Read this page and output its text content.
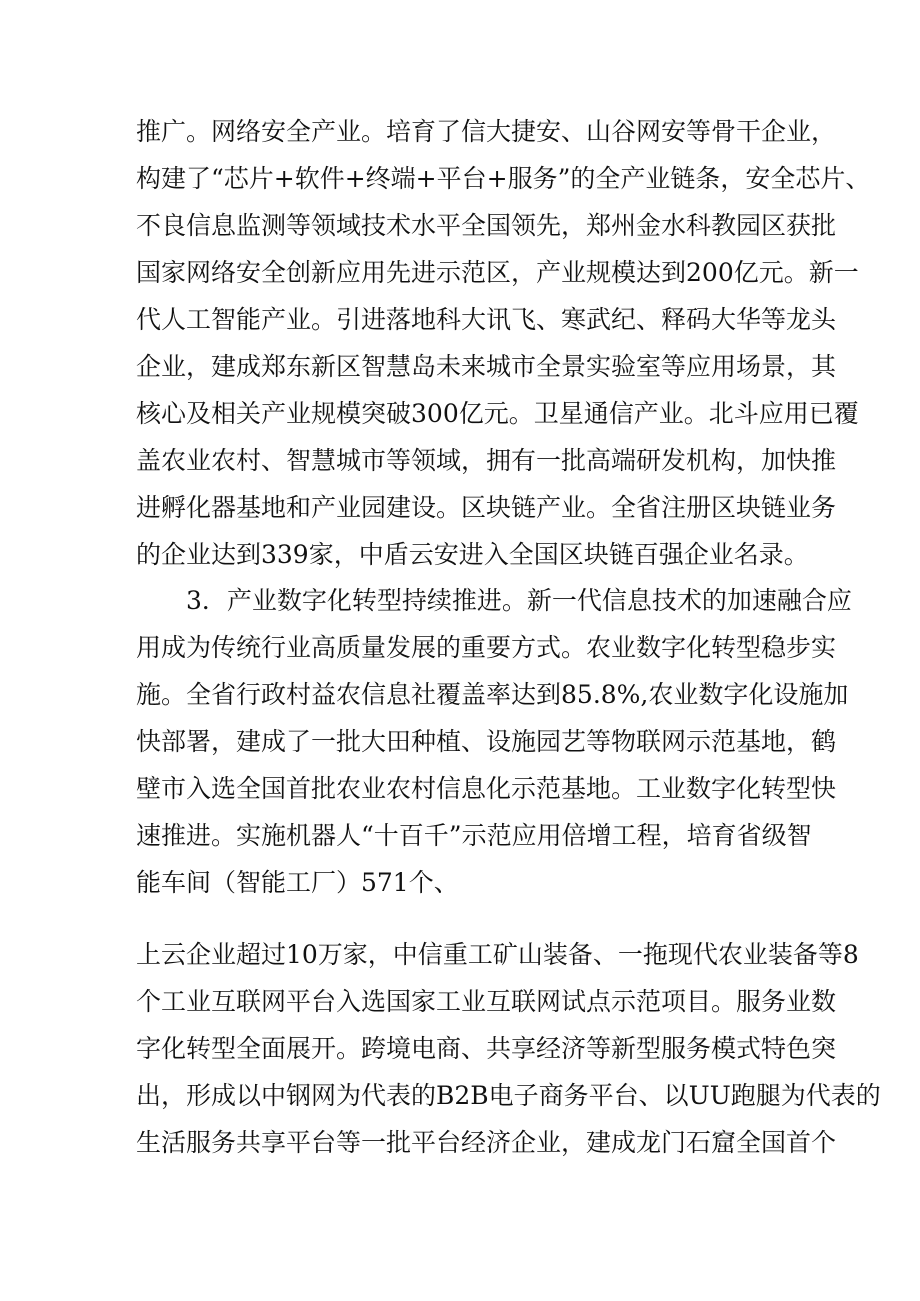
推广。网络安全产业。培育了信大捷安、山谷网安等骨干企业，

构建了“芯片+软件+终端+平台+服务”的全产业链条，安全芯片、

不良信息监测等领域技术水平全国领先，郑州金水科教园区获批

国家网络安全创新应用先进示范区，产业规模达到200亿元。新一

代人工智能产业。引进落地科大讯飞、寒武纪、释码大华等龙头

企业，建成郑东新区智慧岛未来城市全景实验室等应用场景，其

核心及相关产业规模突破300亿元。卫星通信产业。北斗应用已覆

盖农业农村、智慧城市等领域，拥有一批高端研发机构，加快推

进孵化器基地和产业园建设。区块链产业。全省注册区块链业务

的企业达到339家，中盾云安进入全国区块链百强企业名录。

3．产业数字化转型持续推进。新一代信息技术的加速融合应

用成为传统行业高质量发展的重要方式。农业数字化转型稳步实

施。全省行政村益农信息社覆盖率达到85.8%,农业数字化设施加

快部署，建成了一批大田种植、设施园艺等物联网示范基地，鹤

壁市入选全国首批农业农村信息化示范基地。工业数字化转型快

速推进。实施机器人“十百千”示范应用倍增工程，培育省级智

能车间（智能工厂）571个、

上云企业超过10万家，中信重工矿山装备、一拖现代农业装备等8

个工业互联网平台入选国家工业互联网试点示范项目。服务业数

字化转型全面展开。跨境电商、共享经济等新型服务模式特色突

出，形成以中钢网为代表的B2B电子商务平台、以UU跑腿为代表的

生活服务共享平台等一批平台经济企业，建成龙门石窟全国首个
